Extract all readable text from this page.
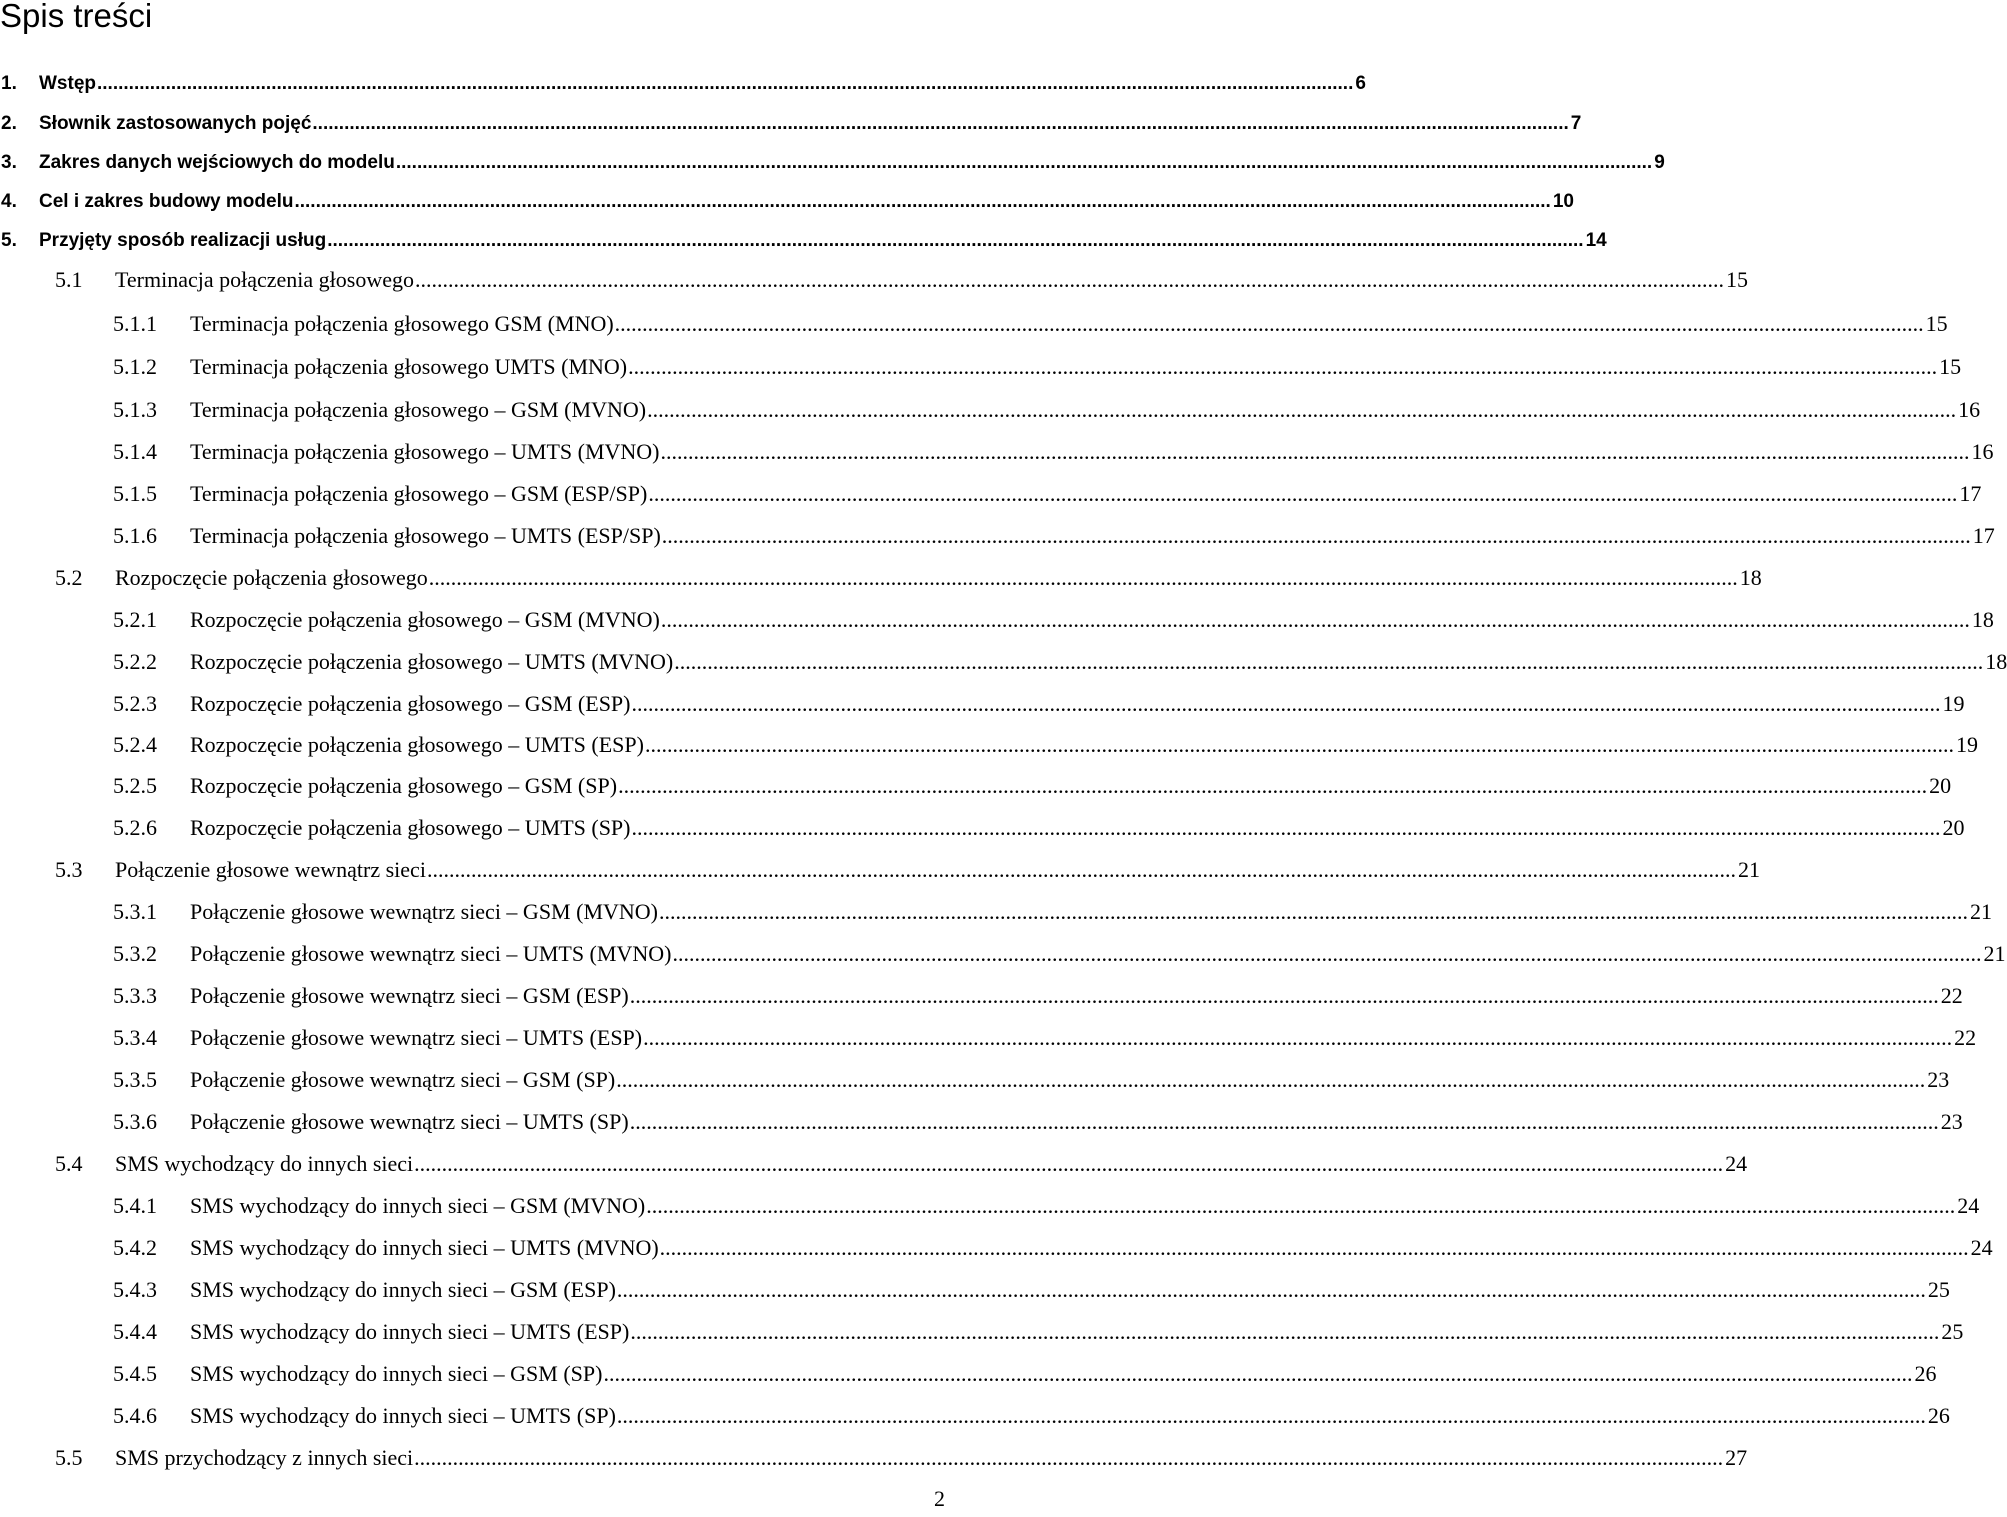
Spis treści
1.	Wstęp .............................................................................................................................................................................................................................................. 6
2.	Słownik zastosowanych pojęć .............................................................................................................................................................................................................................................. 7
3.	Zakres danych wejściowych do modelu .............................................................................................................................................................................................................................................. 9
4.	Cel i zakres budowy modelu .............................................................................................................................................................................................................................................. 10
5.	Przyjęty sposób realizacji usług .............................................................................................................................................................................................................................................. 14
5.1	Terminacja połączenia głosowego .............................................................................................................................................................................................................................................. 15
5.1.1	Terminacja połączenia głosowego GSM (MNO) .............................................................................................................................................................................................................................................. 15
5.1.2	Terminacja połączenia głosowego UMTS (MNO) .............................................................................................................................................................................................................................................. 15
5.1.3	Terminacja połączenia głosowego – GSM (MVNO) .............................................................................................................................................................................................................................................. 16
5.1.4	Terminacja połączenia głosowego – UMTS (MVNO) .............................................................................................................................................................................................................................................. 16
5.1.5	Terminacja połączenia głosowego – GSM (ESP/SP) .............................................................................................................................................................................................................................................. 17
5.1.6	Terminacja połączenia głosowego – UMTS (ESP/SP) .............................................................................................................................................................................................................................................. 17
5.2	Rozpoczęcie połączenia głosowego .............................................................................................................................................................................................................................................. 18
5.2.1	Rozpoczęcie połączenia głosowego – GSM (MVNO) .............................................................................................................................................................................................................................................. 18
5.2.2	Rozpoczęcie połączenia głosowego – UMTS (MVNO) .............................................................................................................................................................................................................................................. 18
5.2.3	Rozpoczęcie połączenia głosowego – GSM (ESP) .............................................................................................................................................................................................................................................. 19
5.2.4	Rozpoczęcie połączenia głosowego – UMTS (ESP) .............................................................................................................................................................................................................................................. 19
5.2.5	Rozpoczęcie połączenia głosowego – GSM (SP) .............................................................................................................................................................................................................................................. 20
5.2.6	Rozpoczęcie połączenia głosowego – UMTS (SP) .............................................................................................................................................................................................................................................. 20
5.3	Połączenie głosowe wewnątrz sieci .............................................................................................................................................................................................................................................. 21
5.3.1	Połączenie głosowe wewnątrz sieci – GSM (MVNO) .............................................................................................................................................................................................................................................. 21
5.3.2	Połączenie głosowe wewnątrz sieci – UMTS (MVNO) .............................................................................................................................................................................................................................................. 21
5.3.3	Połączenie głosowe wewnątrz sieci – GSM (ESP) .............................................................................................................................................................................................................................................. 22
5.3.4	Połączenie głosowe wewnątrz sieci – UMTS (ESP) .............................................................................................................................................................................................................................................. 22
5.3.5	Połączenie głosowe wewnątrz sieci – GSM (SP) .............................................................................................................................................................................................................................................. 23
5.3.6	Połączenie głosowe wewnątrz sieci – UMTS (SP) .............................................................................................................................................................................................................................................. 23
5.4	SMS wychodzący do innych sieci .............................................................................................................................................................................................................................................. 24
5.4.1	SMS wychodzący do innych sieci – GSM (MVNO) .............................................................................................................................................................................................................................................. 24
5.4.2	SMS wychodzący do innych sieci – UMTS (MVNO) .............................................................................................................................................................................................................................................. 24
5.4.3	SMS wychodzący do innych sieci – GSM (ESP) .............................................................................................................................................................................................................................................. 25
5.4.4	SMS wychodzący do innych sieci – UMTS (ESP) .............................................................................................................................................................................................................................................. 25
5.4.5	SMS wychodzący do innych sieci – GSM (SP) .............................................................................................................................................................................................................................................. 26
5.4.6	SMS wychodzący do innych sieci – UMTS (SP) .............................................................................................................................................................................................................................................. 26
5.5	SMS przychodzący z innych sieci .............................................................................................................................................................................................................................................. 27
2
